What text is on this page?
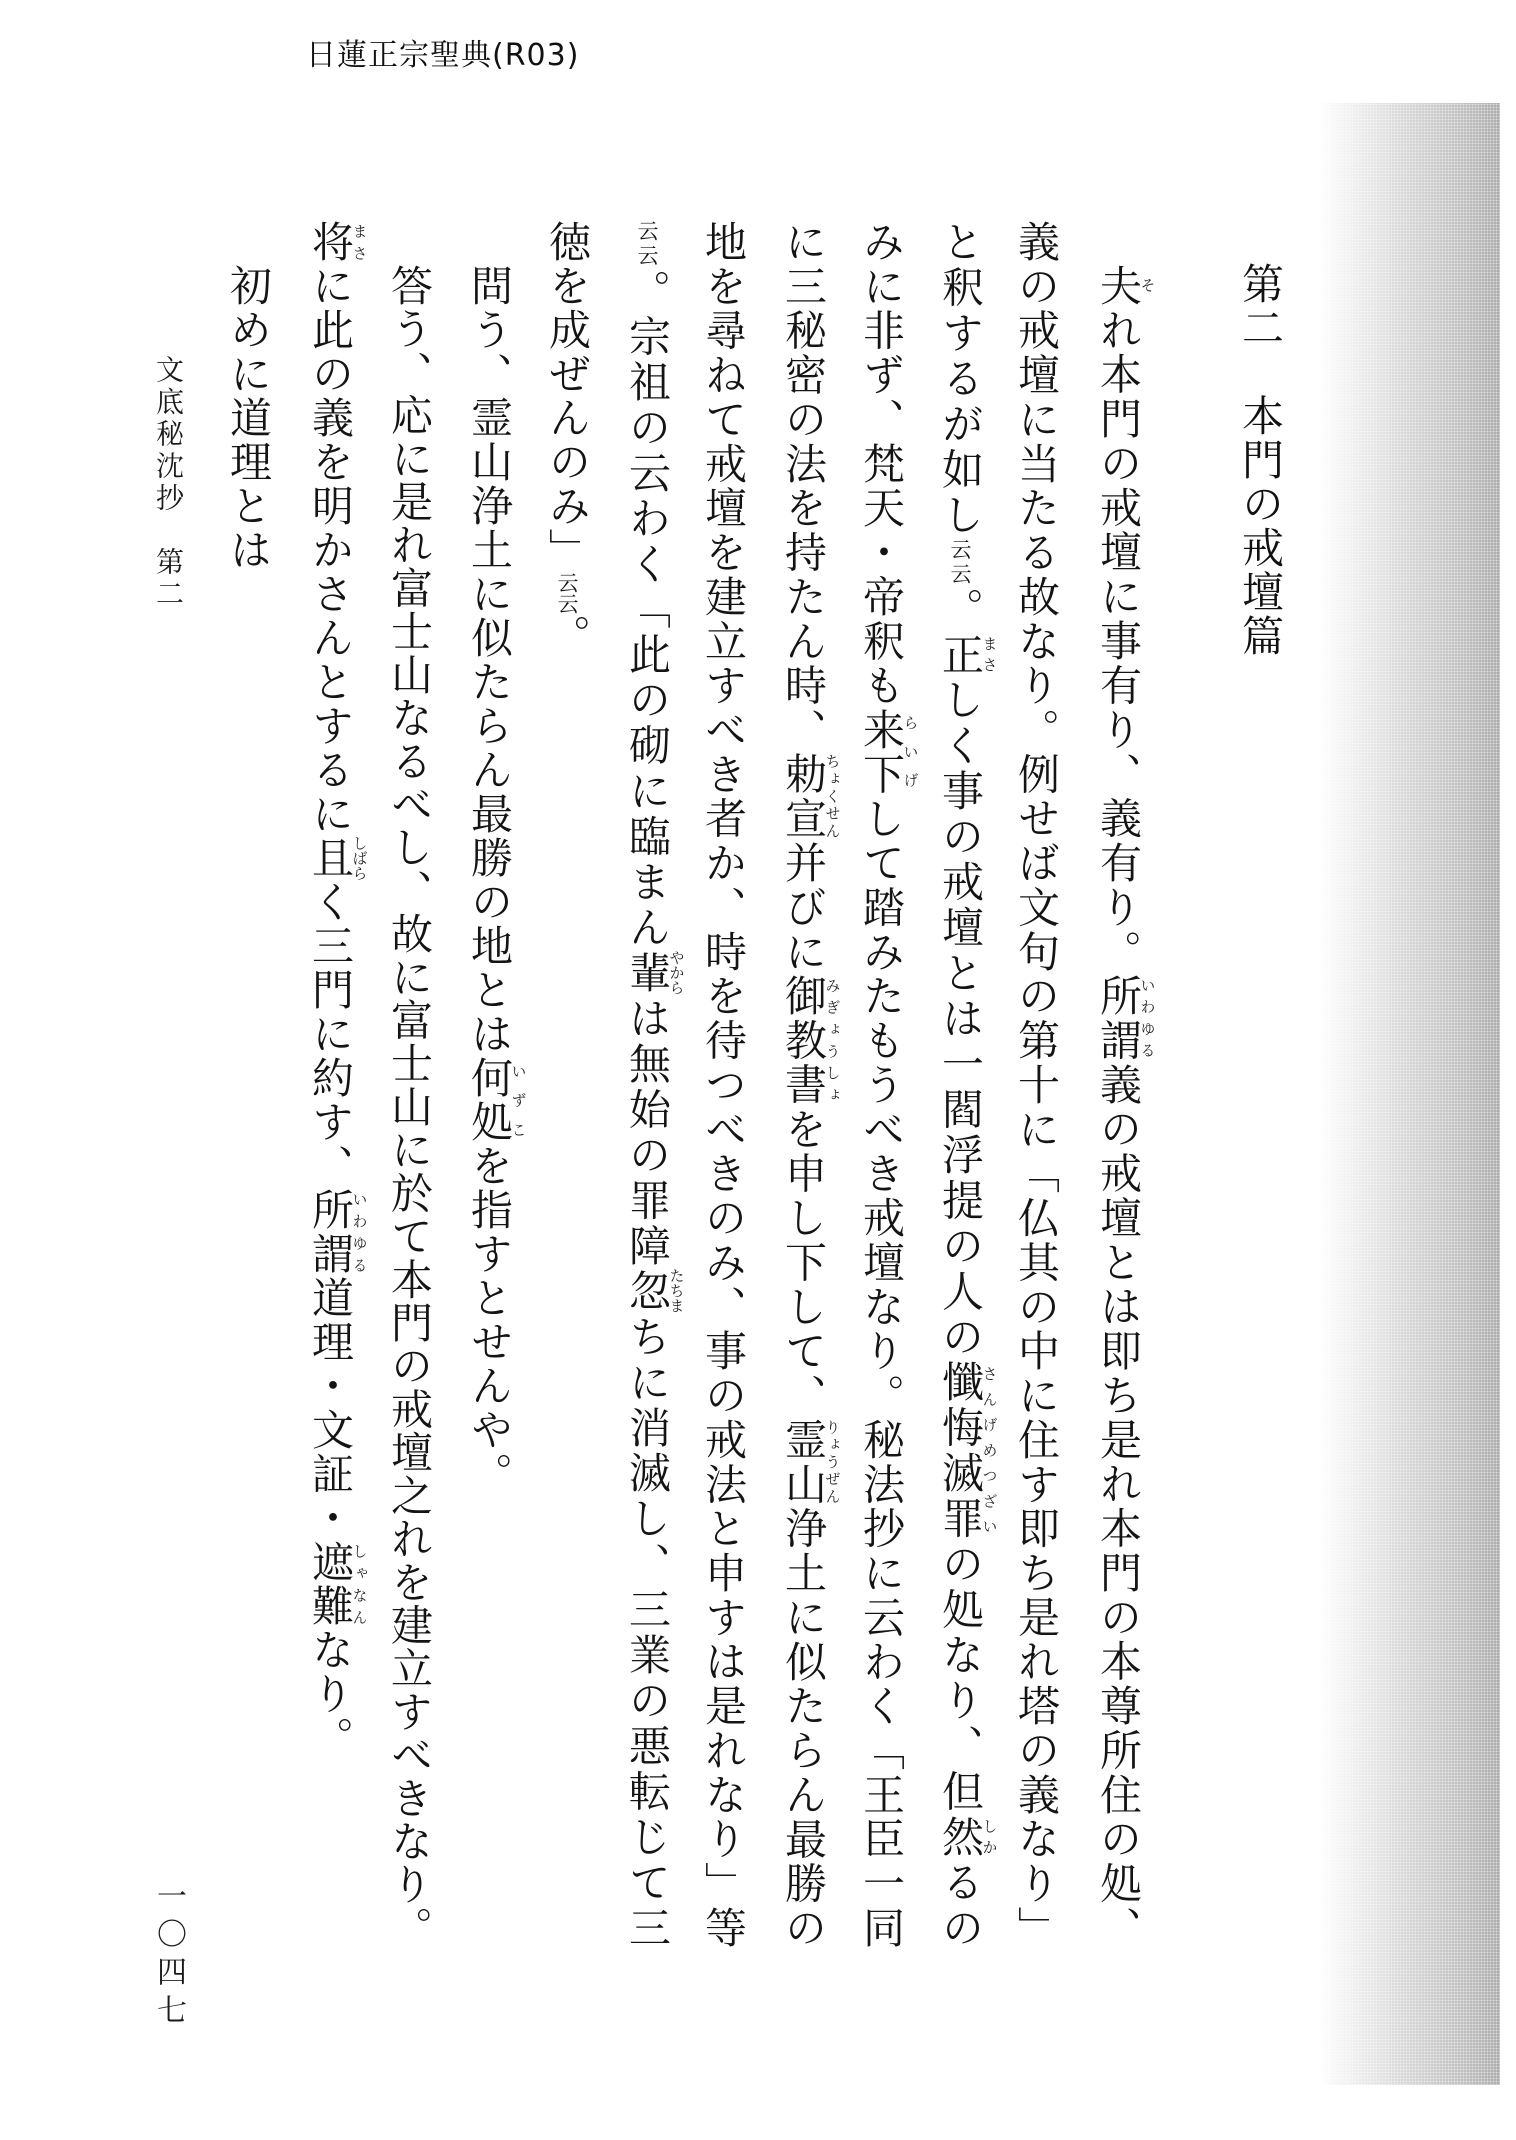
日蓮正宗聖典(R03)
第二　本門の戒壇篇
夫それ本門の戒壇に事有り、義有り。所謂いわゆる義の戒壇とは即ち是れ本門の本尊所住の処、
義の戒壇に当たる故なり。例せば文句の第十に「仏其の中に住す即ち是れ塔の義なり」
と釈するが如し云云。正まさしく事の戒壇とは一閻浮提の人の懺悔滅罪さんげめつざいの処なり、但然しかるの
みに非ず、梵天・帝釈も来下らいげして踏みたもうべき戒壇なり。秘法抄に云わく「王臣一同
に三秘密の法を持たん時、勅宣ちょくせん并びに御教書みぎょうしょを申し下して、霊山りょうぜん浄土に似たらん最勝の
地を尋ねて戒壇を建立すべき者か、時を待つべきのみ、事の戒法と申すは是れなり」等
云云。宗祖の云わく「此の砌に臨まん輩やからは無始の罪障忽たちまちに消滅し、三業の悪転じて三
徳を成ぜんのみ」云云。
問う、霊山浄土に似たらん最勝の地とは何処いずこを指すとせんや。
答う、応に是れ富士山なるべし、故に富士山に於て本門の戒壇之れを建立すべきなり。
将まさに此の義を明かさんとするに且しばらく三門に約す、所謂いわゆる道理・文証・遮難しゃなんなり。
初めに道理とは
文底秘沈抄　第二
一〇四七
